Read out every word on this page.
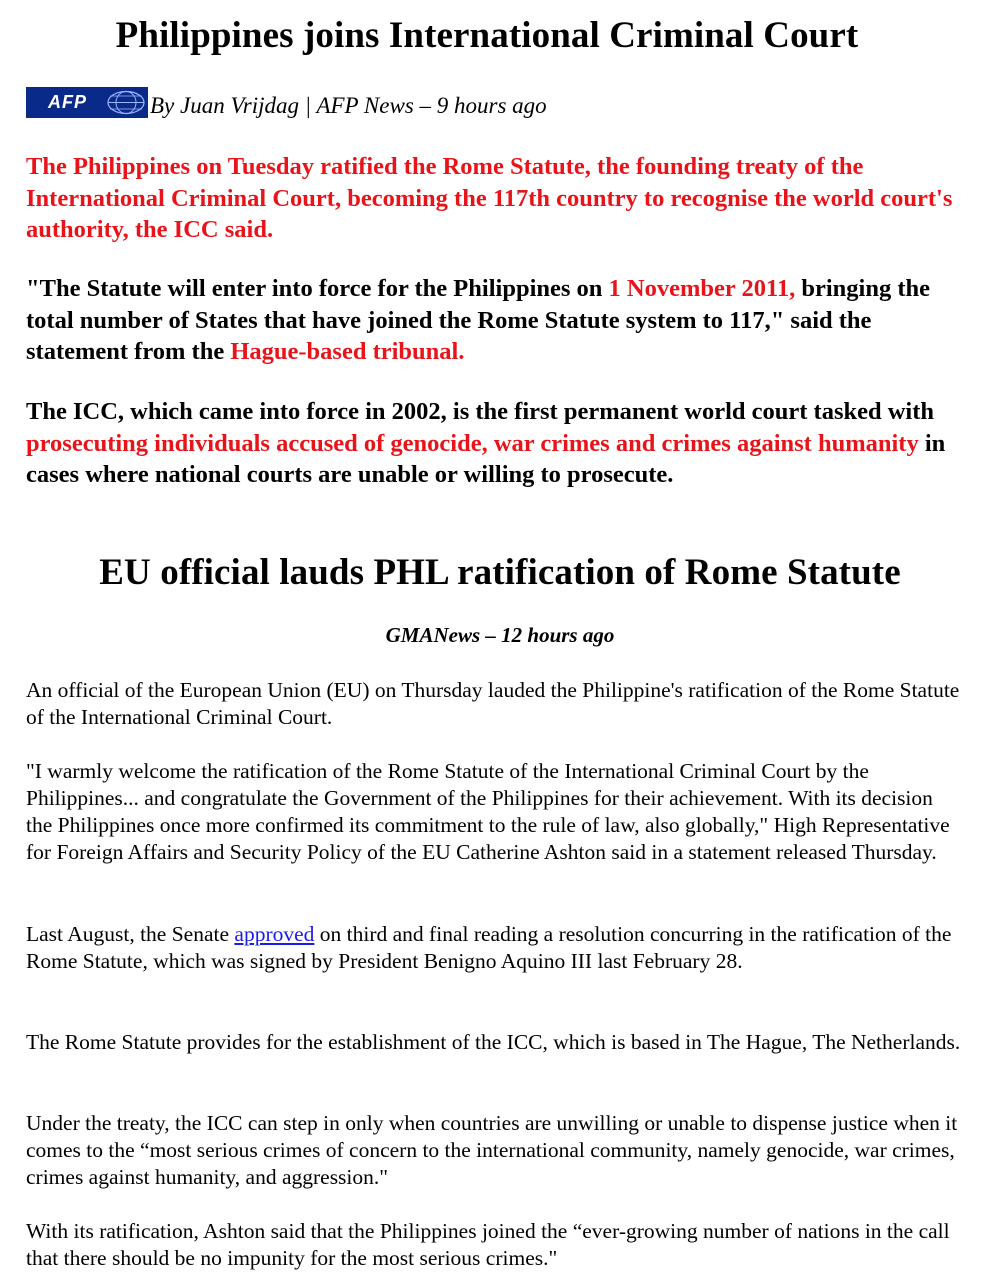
Philippines joins International Criminal Court
AFP	By Juan Vrijdag | AFP News – 9 hours ago

The Philippines on Tuesday ratified the Rome Statute, the founding treaty of the International Criminal Court, becoming the 117th country to recognise the world court's authority, the ICC said.

"The Statute will enter into force for the Philippines on 1 November 2011, bringing the total number of States that have joined the Rome Statute system to 117," said the statement from the Hague-based tribunal.

The ICC, which came into force in 2002, is the first permanent world court tasked with prosecuting individuals accused of genocide, war crimes and crimes against humanity in cases where national courts are unable or willing to prosecute.

EU official lauds PHL ratification of Rome Statute
GMANews – 12 hours ago

An official of the European Union (EU) on Thursday lauded the Philippine's ratification of the Rome Statute of the International Criminal Court.

"I warmly welcome the ratification of the Rome Statute of the International Criminal Court by the Philippines... and congratulate the Government of the Philippines for their achievement. With its decision the Philippines once more confirmed its commitment to the rule of law, also globally," High Representative for Foreign Affairs and Security Policy of the EU Catherine Ashton said in a statement released Thursday.

Last August, the Senate approved on third and final reading a resolution concurring in the ratification of the Rome Statute, which was signed by President Benigno Aquino III last February 28.

The Rome Statute provides for the establishment of the ICC, which is based in The Hague, The Netherlands.

Under the treaty, the ICC can step in only when countries are unwilling or unable to dispense justice when it comes to the “most serious crimes of concern to the international community, namely genocide, war crimes, crimes against humanity, and aggression."

With its ratification, Ashton said that the Philippines joined the “ever-growing number of nations in the call that there should be no impunity for the most serious crimes."
